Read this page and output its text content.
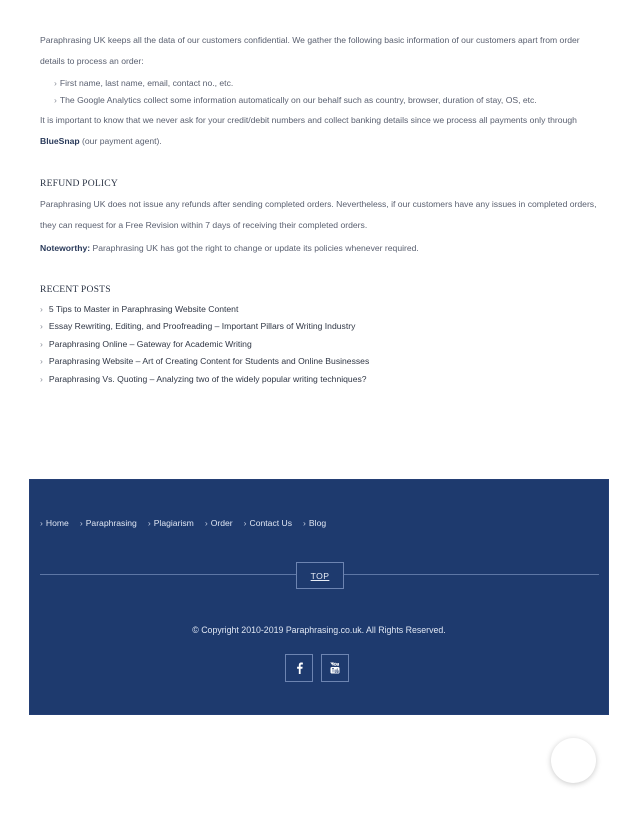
Paraphrasing UK keeps all the data of our customers confidential. We gather the following basic information of our customers apart from order details to process an order:

› First name, last name, email, contact no., etc.
› The Google Analytics collect some information automatically on our behalf such as country, browser, duration of stay, OS, etc.

It is important to know that we never ask for your credit/debit numbers and collect banking details since we process all payments only through BlueSnap (our payment agent).

REFUND POLICY

Paraphrasing UK does not issue any refunds after sending completed orders. Nevertheless, if our customers have any issues in completed orders, they can request for a Free Revision within 7 days of receiving their completed orders.

Noteworthy: Paraphrasing UK has got the right to change or update its policies whenever required.

RECENT POSTS
› 5 Tips to Master in Paraphrasing Website Content
› Essay Rewriting, Editing, and Proofreading – Important Pillars of Writing Industry
› Paraphrasing Online – Gateway for Academic Writing
› Paraphrasing Website – Art of Creating Content for Students and Online Businesses
› Paraphrasing Vs. Quoting – Analyzing two of the widely popular writing techniques?
› Home › Paraphrasing › Plagiarism › Order › Contact Us › Blog
TOP
© Copyright 2010-2019 Paraphrasing.co.uk. All Rights Reserved.
